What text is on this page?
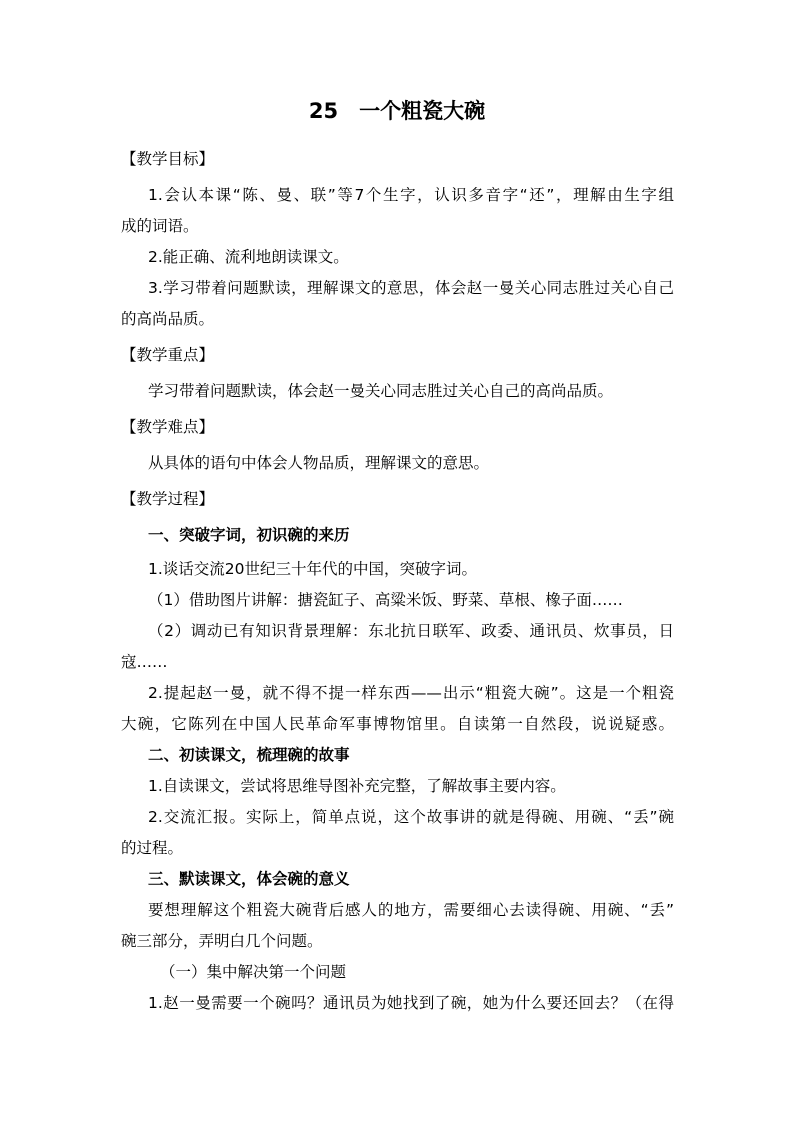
25　一个粗瓷大碗
【教学目标】
1.会认本课“陈、曼、联”等7个生字，认识多音字“还”，理解由生字组
成的词语。
2.能正确、流利地朗读课文。
3.学习带着问题默读，理解课文的意思，体会赵一曼关心同志胜过关心自己
的高尚品质。
【教学重点】
学习带着问题默读，体会赵一曼关心同志胜过关心自己的高尚品质。
【教学难点】
从具体的语句中体会人物品质，理解课文的意思。
【教学过程】
一、突破字词，初识碗的来历
1.谈话交流20世纪三十年代的中国，突破字词。
（1）借助图片讲解：搪瓷缸子、高粱米饭、野菜、草根、橡子面……
（2）调动已有知识背景理解：东北抗日联军、政委、通讯员、炊事员，日
寇……
2.提起赵一曼，就不得不提一样东西——出示“粗瓷大碗”。这是一个粗瓷
大碗，它陈列在中国人民革命军事博物馆里。自读第一自然段，说说疑惑。
二、初读课文，梳理碗的故事
1.自读课文，尝试将思维导图补充完整，了解故事主要内容。
2.交流汇报。实际上，简单点说，这个故事讲的就是得碗、用碗、“丢”碗
的过程。
三、默读课文，体会碗的意义
要想理解这个粗瓷大碗背后感人的地方，需要细心去读得碗、用碗、“丢”
碗三部分，弄明白几个问题。
（一）集中解决第一个问题
1.赵一曼需要一个碗吗？通讯员为她找到了碗，她为什么要还回去？（在得
